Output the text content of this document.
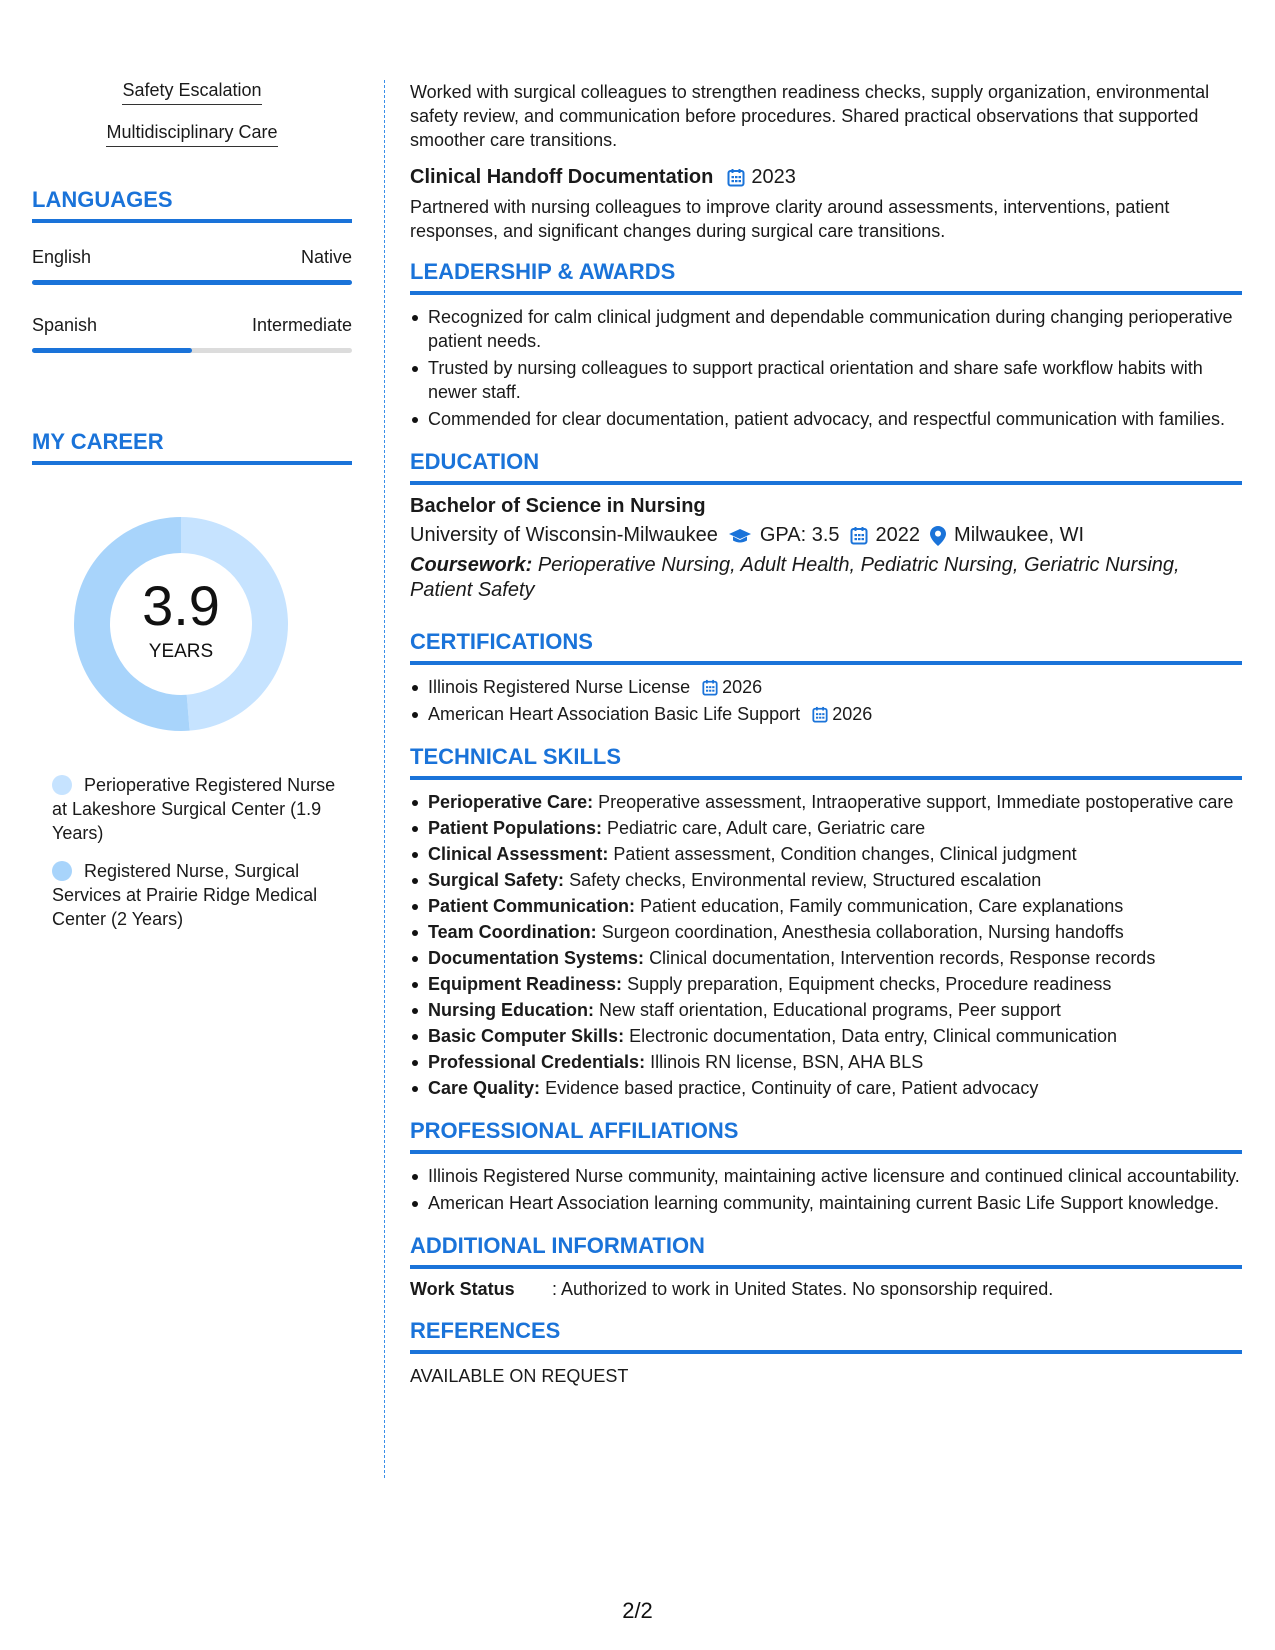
Safety Escalation
Multidisciplinary Care
LANGUAGES
English	Native
Spanish	Intermediate
MY CAREER
3.9
YEARS
Perioperative Registered Nurse at Lakeshore Surgical Center (1.9 Years)
Registered Nurse, Surgical Services at Prairie Ridge Medical Center (2 Years)
Worked with surgical colleagues to strengthen readiness checks, supply organization, environmental safety review, and communication before procedures. Shared practical observations that supported smoother care transitions.
Clinical Handoff Documentation 2023
Partnered with nursing colleagues to improve clarity around assessments, interventions, patient responses, and significant changes during surgical care transitions.
LEADERSHIP & AWARDS
Recognized for calm clinical judgment and dependable communication during changing perioperative patient needs.
Trusted by nursing colleagues to support practical orientation and share safe workflow habits with newer staff.
Commended for clear documentation, patient advocacy, and respectful communication with families.
EDUCATION
Bachelor of Science in Nursing
University of Wisconsin-Milwaukee GPA: 3.5 2022 Milwaukee, WI
Coursework: Perioperative Nursing, Adult Health, Pediatric Nursing, Geriatric Nursing, Patient Safety
CERTIFICATIONS
Illinois Registered Nurse License 2026
American Heart Association Basic Life Support 2026
TECHNICAL SKILLS
Perioperative Care: Preoperative assessment, Intraoperative support, Immediate postoperative care
Patient Populations: Pediatric care, Adult care, Geriatric care
Clinical Assessment: Patient assessment, Condition changes, Clinical judgment
Surgical Safety: Safety checks, Environmental review, Structured escalation
Patient Communication: Patient education, Family communication, Care explanations
Team Coordination: Surgeon coordination, Anesthesia collaboration, Nursing handoffs
Documentation Systems: Clinical documentation, Intervention records, Response records
Equipment Readiness: Supply preparation, Equipment checks, Procedure readiness
Nursing Education: New staff orientation, Educational programs, Peer support
Basic Computer Skills: Electronic documentation, Data entry, Clinical communication
Professional Credentials: Illinois RN license, BSN, AHA BLS
Care Quality: Evidence based practice, Continuity of care, Patient advocacy
PROFESSIONAL AFFILIATIONS
Illinois Registered Nurse community, maintaining active licensure and continued clinical accountability.
American Heart Association learning community, maintaining current Basic Life Support knowledge.
ADDITIONAL INFORMATION
Work Status	: Authorized to work in United States. No sponsorship required.
REFERENCES
AVAILABLE ON REQUEST
2/2
